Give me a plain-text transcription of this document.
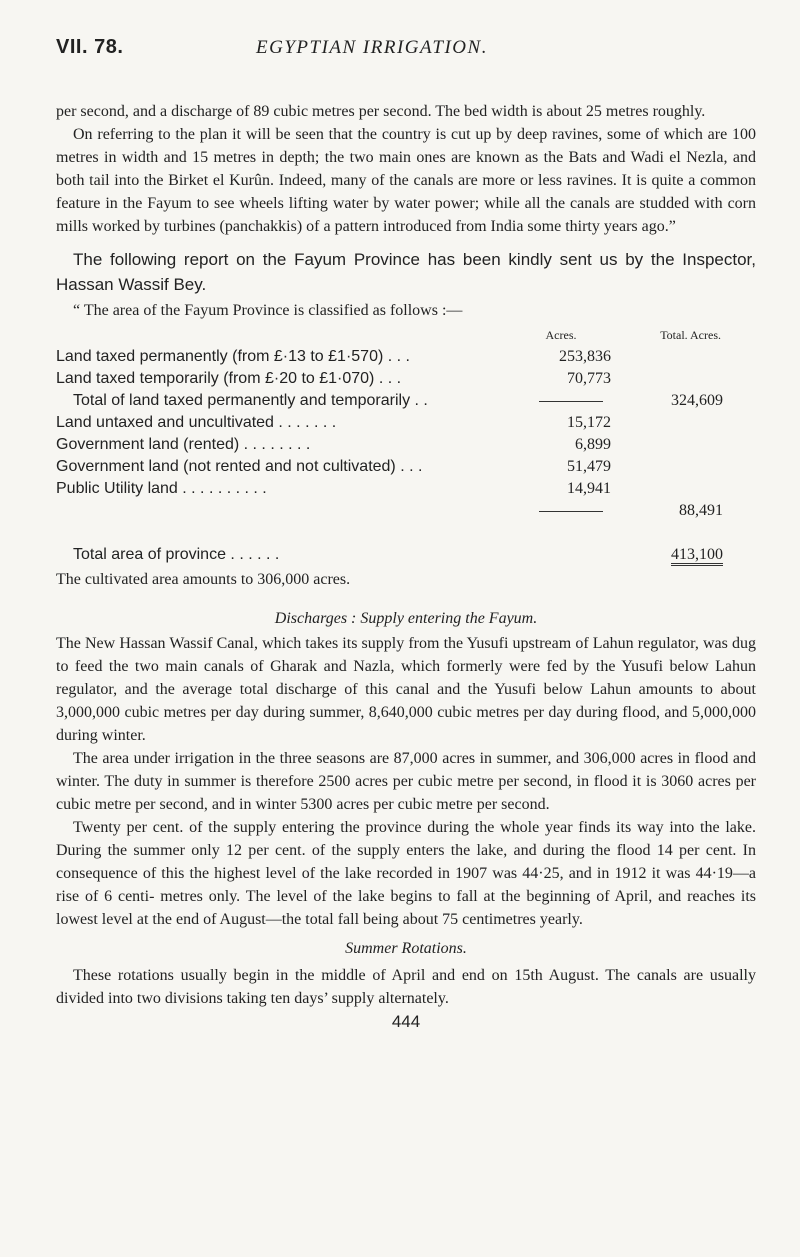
VII. 78.	EGYPTIAN IRRIGATION.

per second, and a discharge of 89 cubic metres per second. The bed width is about 25 metres roughly.

On referring to the plan it will be seen that the country is cut up by deep ravines, some of which are 100 metres in width and 15 metres in depth; the two main ones are known as the Bats and Wadi el Nezla, and both tail into the Birket el Kurûn. Indeed, many of the canals are more or less ravines. It is quite a common feature in the Fayum to see wheels lifting water by water power; while all the canals are studded with corn mills worked by turbines (panchakkis) of a pattern introduced from India some thirty years ago.”

The following report on the Fayum Province has been kindly sent us by the Inspector, Hassan Wassif Bey.

“ The area of the Fayum Province is classified as follows :—

	Acres.	Total. Acres.
Land taxed permanently (from £·13 to £1·570) . . .	253,836	
Land taxed temporarily (from £·20 to £1·070) . . .	70,773	
Total of land taxed permanently and temporarily . .		324,609
Land untaxed and uncultivated . . . . . . .	15,172	
Government land (rented) . . . . . . . .	6,899	
Government land (not rented and not cultivated) . . .	51,479	
Public Utility land . . . . . . . . . .	14,941	
		88,491

Total area of province . . . . . .		413,100

The cultivated area amounts to 306,000 acres.

Discharges : Supply entering the Fayum.

The New Hassan Wassif Canal, which takes its supply from the Yusufi upstream of Lahun regulator, was dug to feed the two main canals of Gharak and Nazla, which formerly were fed by the Yusufi below Lahun regulator, and the average total discharge of this canal and the Yusufi below Lahun amounts to about 3,000,000 cubic metres per day during summer, 8,640,000 cubic metres per day during flood, and 5,000,000 during winter.

The area under irrigation in the three seasons are 87,000 acres in summer, and 306,000 acres in flood and winter. The duty in summer is therefore 2500 acres per cubic metre per second, in flood it is 3060 acres per cubic metre per second, and in winter 5300 acres per cubic metre per second.

Twenty per cent. of the supply entering the province during the whole year finds its way into the lake. During the summer only 12 per cent. of the supply enters the lake, and during the flood 14 per cent. In consequence of this the highest level of the lake recorded in 1907 was 44·25, and in 1912 it was 44·19—a rise of 6 centi- metres only. The level of the lake begins to fall at the beginning of April, and reaches its lowest level at the end of August—the total fall being about 75 centimetres yearly.

Summer Rotations.

These rotations usually begin in the middle of April and end on 15th August. The canals are usually divided into two divisions taking ten days’ supply alternately.

444
